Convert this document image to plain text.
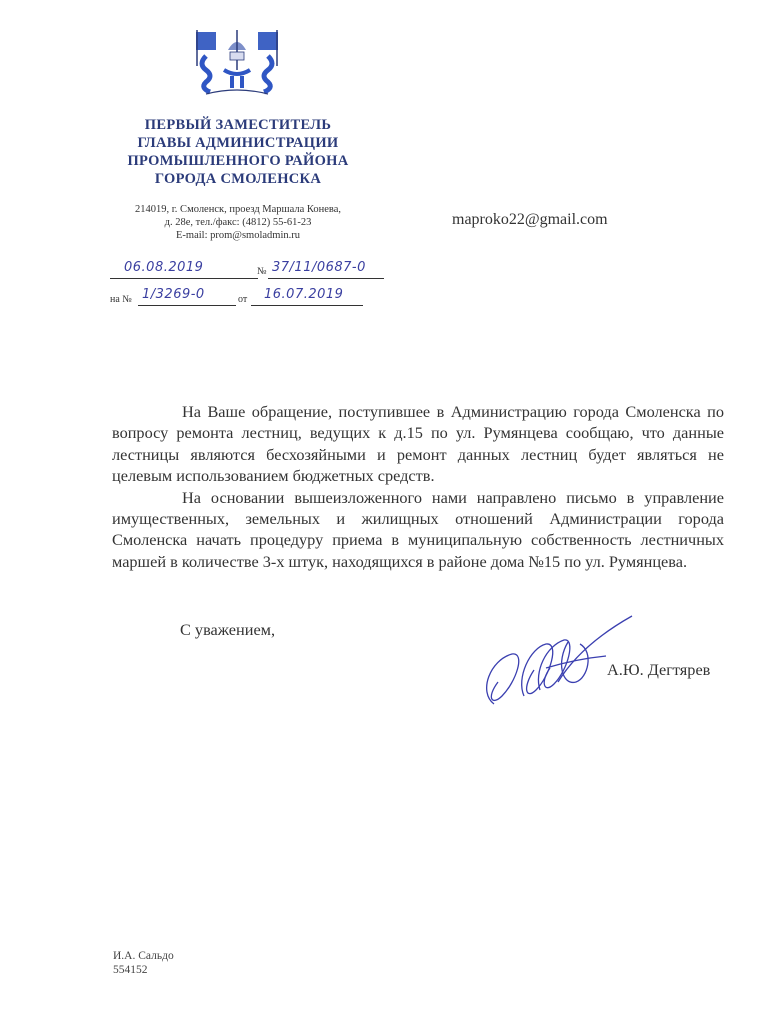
ПЕРВЫЙ ЗАМЕСТИТЕЛЬ
ГЛАВЫ АДМИНИСТРАЦИИ
ПРОМЫШЛЕННОГО РАЙОНА
ГОРОДА СМОЛЕНСКА
214019, г. Смоленск, проезд Маршала Конева,
д. 28е, тел./факс: (4812) 55-61-23
E-mail: prom@smoladmin.ru
maproko22@gmail.com
06.08.2019	№ 37/11/0687-0
на № 1/3269-0	от 16.07.2019

На Ваше обращение, поступившее в Администрацию города Смоленска по вопросу ремонта лестниц, ведущих к д.15 по ул. Румянцева сообщаю, что данные лестницы являются бесхозяйными и ремонт данных лестниц будет являться не целевым использованием бюджетных средств.

На основании вышеизложенного нами направлено письмо в управление имущественных, земельных и жилищных отношений Администрации города Смоленска начать процедуру приема в муниципальную собственность лестничных маршей в количестве 3-х штук, находящихся в районе дома №15 по ул. Румянцева.

С уважением,
А.Ю. Дегтярев
И.А. Сальдо
554152
